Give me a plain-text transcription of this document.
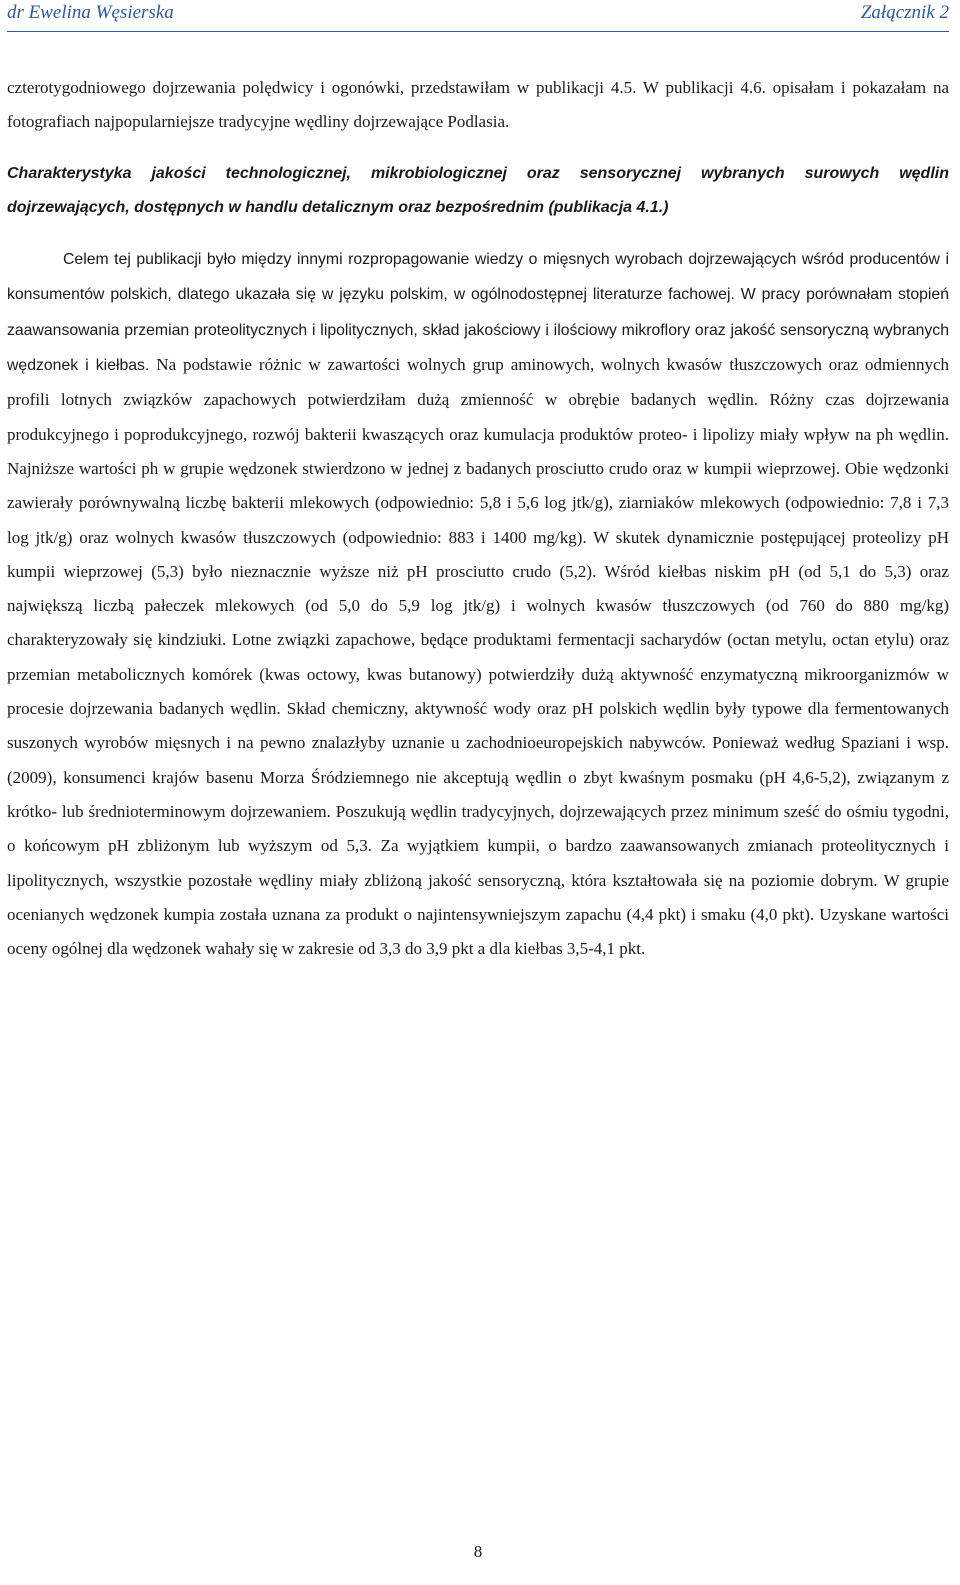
dr Ewelina Węsierska	Załącznik 2

czterotygodniowego dojrzewania polędwicy i ogonówki, przedstawiłam w publikacji 4.5. W publikacji 4.6. opisałam i pokazałam na fotografiach najpopularniejsze tradycyjne wędliny dojrzewające Podlasia.

Charakterystyka jakości technologicznej, mikrobiologicznej oraz sensorycznej wybranych surowych wędlin dojrzewających, dostępnych w handlu detalicznym oraz bezpośrednim (publikacja 4.1.)

Celem tej publikacji było między innymi rozpropagowanie wiedzy o mięsnych wyrobach dojrzewających wśród producentów i konsumentów polskich, dlatego ukazała się w języku polskim, w ogólnodostępnej literaturze fachowej. W pracy porównałam stopień zaawansowania przemian proteolitycznych i lipolitycznych, skład jakościowy i ilościowy mikroflory oraz jakość sensoryczną wybranych wędzonek i kiełbas. Na podstawie różnic w zawartości wolnych grup aminowych, wolnych kwasów tłuszczowych oraz odmiennych profili lotnych związków zapachowych potwierdziłam dużą zmienność w obrębie badanych wędlin. Różny czas dojrzewania produkcyjnego i poprodukcyjnego, rozwój bakterii kwaszących oraz kumulacja produktów proteo- i lipolizy miały wpływ na ph wędlin. Najniższe wartości ph w grupie wędzonek stwierdzono w jednej z badanych prosciutto crudo oraz w kumpii wieprzowej. Obie wędzonki zawierały porównywalną liczbę bakterii mlekowych (odpowiednio: 5,8 i 5,6 log jtk/g), ziarniaków mlekowych (odpowiednio: 7,8 i 7,3 log jtk/g) oraz wolnych kwasów tłuszczowych (odpowiednio: 883 i 1400 mg/kg). W skutek dynamicznie postępującej proteolizy pH kumpii wieprzowej (5,3) było nieznacznie wyższe niż pH prosciutto crudo (5,2). Wśród kiełbas niskim pH (od 5,1 do 5,3) oraz największą liczbą pałeczek mlekowych (od 5,0 do 5,9 log jtk/g) i wolnych kwasów tłuszczowych (od 760 do 880 mg/kg) charakteryzowały się kindziuki. Lotne związki zapachowe, będące produktami fermentacji sacharydów (octan metylu, octan etylu) oraz przemian metabolicznych komórek (kwas octowy, kwas butanowy) potwierdziły dużą aktywność enzymatyczną mikroorganizmów w procesie dojrzewania badanych wędlin. Skład chemiczny, aktywność wody oraz pH polskich wędlin były typowe dla fermentowanych suszonych wyrobów mięsnych i na pewno znalazłyby uznanie u zachodnioeuropejskich nabywców. Ponieważ według Spaziani i wsp. (2009), konsumenci krajów basenu Morza Śródziemnego nie akceptują wędlin o zbyt kwaśnym posmaku (pH 4,6-5,2), związanym z krótko- lub średnioterminowym dojrzewaniem. Poszukują wędlin tradycyjnych, dojrzewających przez minimum sześć do ośmiu tygodni, o końcowym pH zbliżonym lub wyższym od 5,3. Za wyjątkiem kumpii, o bardzo zaawansowanych zmianach proteolitycznych i lipolitycznych, wszystkie pozostałe wędliny miały zbliżoną jakość sensoryczną, która kształtowała się na poziomie dobrym. W grupie ocenianych wędzonek kumpia została uznana za produkt o najintensywniejszym zapachu (4,4 pkt) i smaku (4,0 pkt). Uzyskane wartości oceny ogólnej dla wędzonek wahały się w zakresie od 3,3 do 3,9 pkt a dla kiełbas 3,5-4,1 pkt.

8
